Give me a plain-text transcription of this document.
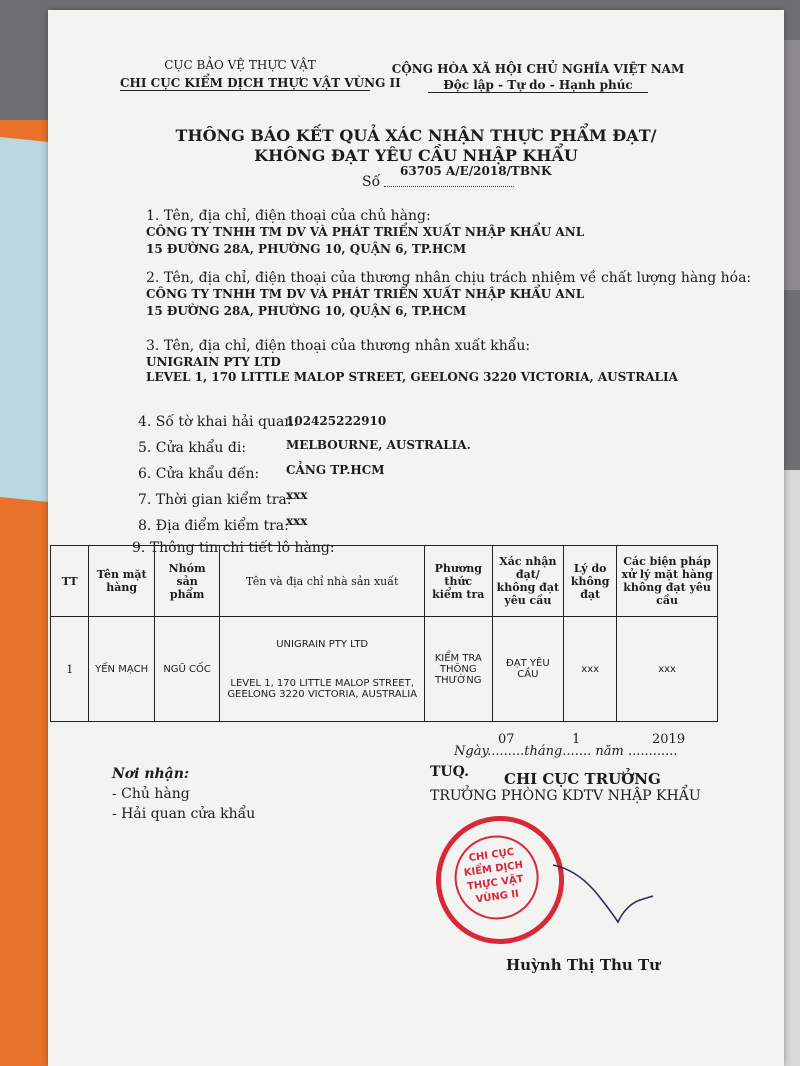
CỤC BẢO VỆ THỰC VẬT
CHI CỤC KIỂM DỊCH THỰC VẬT VÙNG II
CỘNG HÒA XÃ HỘI CHỦ NGHĨA VIỆT NAM
Độc lập - Tự do - Hạnh phúc
THÔNG BÁO KẾT QUẢ XÁC NHẬN THỰC PHẨM ĐẠT/
KHÔNG ĐẠT YÊU CẦU NHẬP KHẨU
63705 A/E/2018/TBNK
Số
1. Tên, địa chỉ, điện thoại của chủ hàng:
CÔNG TY TNHH TM DV VÀ PHÁT TRIỂN XUẤT NHẬP KHẨU ANL
15 ĐƯỜNG 28A, PHƯỜNG 10, QUẬN 6, TP.HCM
2. Tên, địa chỉ, điện thoại của thương nhân chịu trách nhiệm về chất lượng hàng hóa:
CÔNG TY TNHH TM DV VÀ PHÁT TRIỂN XUẤT NHẬP KHẨU ANL
15 ĐƯỜNG 28A, PHƯỜNG 10, QUẬN 6, TP.HCM
3. Tên, địa chỉ, điện thoại của thương nhân xuất khẩu:
UNIGRAIN PTY LTD
LEVEL 1, 170 LITTLE MALOP STREET, GEELONG 3220 VICTORIA, AUSTRALIA
4. Số tờ khai hải quan:
102425222910
5. Cửa khẩu đi:	MELBOURNE, AUSTRALIA.
6. Cửa khẩu đến: CẢNG TP.HCM
7. Thời gian kiểm tra:
xxx
8. Địa điểm kiểm tra:
xxx
9. Thông tin chi tiết lô hàng:
TT	Tên mặt hàng	Nhóm sản phẩm	Tên và địa chỉ nhà sản xuất	Phương thức kiểm tra	Xác nhận đạt/ không đạt yêu cầu	Lý do không đạt	Các biện pháp xử lý mặt hàng không đạt yêu cầu
1	YẾN MẠCH	NGŨ CỐC	UNIGRAIN PTY LTD
LEVEL 1, 170 LITTLE MALOP STREET,
GEELONG 3220 VICTORIA, AUSTRALIA	KIỂM TRA THÔNG THƯỜNG	ĐẠT YÊU CẦU	xxx	xxx
07	1	2019
Ngày.........tháng....... năm ............
Nơi nhận:
- Chủ hàng
- Hải quan cửa khẩu
TUQ. CHI CỤC TRƯỞNG
TRƯỞNG PHÒNG KDTV NHẬP KHẨU
CHI CỤC
KIỂM DỊCH
THỰC VẬT
VÙNG II
Huỳnh Thị Thu Tư
